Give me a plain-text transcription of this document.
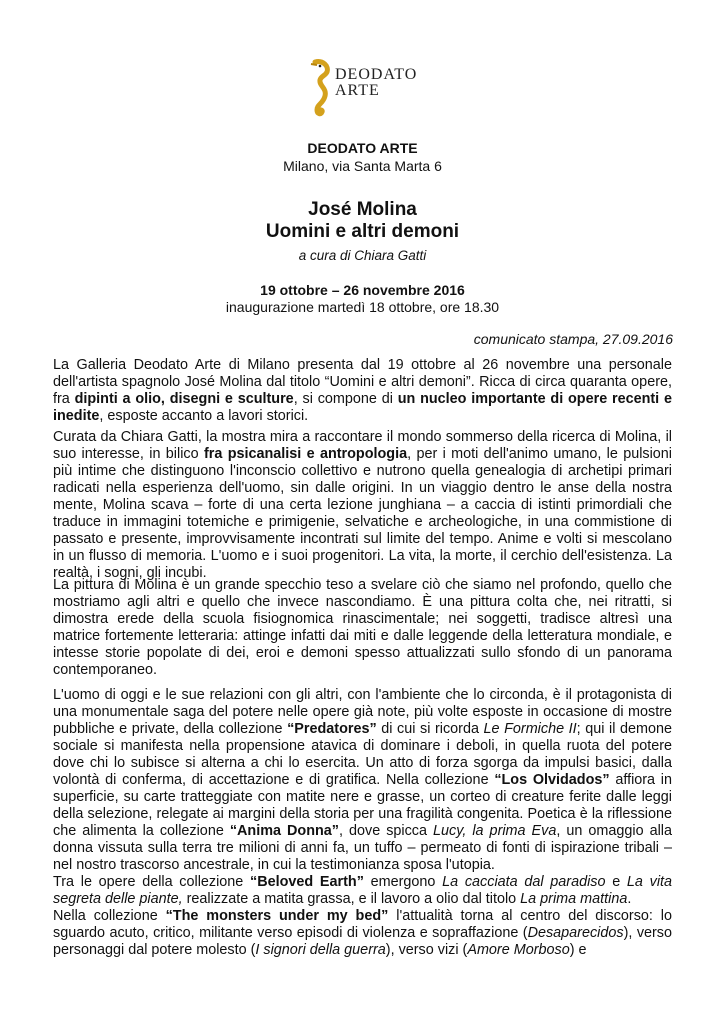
DEODATO
ARTE
DEODATO ARTE
Milano, via Santa Marta 6
José Molina
Uomini e altri demoni
a cura di Chiara Gatti
19 ottobre – 26 novembre 2016
inaugurazione martedì 18 ottobre, ore 18.30
comunicato stampa, 27.09.2016

La Galleria Deodato Arte di Milano presenta dal 19 ottobre al 26 novembre una personale dell'artista spagnolo José Molina dal titolo “Uomini e altri demoni”. Ricca di circa quaranta opere, fra dipinti a olio, disegni e sculture, si compone di un nucleo importante di opere recenti e inedite, esposte accanto a lavori storici.

Curata da Chiara Gatti, la mostra mira a raccontare il mondo sommerso della ricerca di Molina, il suo interesse, in bilico fra psicanalisi e antropologia, per i moti dell'animo umano, le pulsioni più intime che distinguono l'inconscio collettivo e nutrono quella genealogia di archetipi primari radicati nella esperienza dell'uomo, sin dalle origini. In un viaggio dentro le anse della nostra mente, Molina scava – forte di una certa lezione junghiana – a caccia di istinti primordiali che traduce in immagini totemiche e primigenie, selvatiche e archeologiche, in una commistione di passato e presente, improvvisamente incontrati sul limite del tempo. Anime e volti si mescolano in un flusso di memoria. L'uomo e i suoi progenitori. La vita, la morte, il cerchio dell'esistenza. La realtà, i sogni, gli incubi.

La pittura di Molina è un grande specchio teso a svelare ciò che siamo nel profondo, quello che mostriamo agli altri e quello che invece nascondiamo. È una pittura colta che, nei ritratti, si dimostra erede della scuola fisiognomica rinascimentale; nei soggetti, tradisce altresì una matrice fortemente letteraria: attinge infatti dai miti e dalle leggende della letteratura mondiale, e intesse storie popolate di dei, eroi e demoni spesso attualizzati sullo sfondo di un panorama contemporaneo.

L'uomo di oggi e le sue relazioni con gli altri, con l'ambiente che lo circonda, è il protagonista di una monumentale saga del potere nelle opere già note, più volte esposte in occasione di mostre pubbliche e private, della collezione “Predatores” di cui si ricorda Le Formiche II; qui il demone sociale si manifesta nella propensione atavica di dominare i deboli, in quella ruota del potere dove chi lo subisce si alterna a chi lo esercita. Un atto di forza sgorga da impulsi basici, dalla volontà di conferma, di accettazione e di gratifica. Nella collezione “Los Olvidados” affiora in superficie, su carte tratteggiate con matite nere e grasse, un corteo di creature ferite dalle leggi della selezione, relegate ai margini della storia per una fragilità congenita. Poetica è la riflessione che alimenta la collezione “Anima Donna”, dove spicca Lucy, la prima Eva, un omaggio alla donna vissuta sulla terra tre milioni di anni fa, un tuffo – permeato di fonti di ispirazione tribali – nel nostro trascorso ancestrale, in cui la testimonianza sposa l'utopia.

Tra le opere della collezione “Beloved Earth” emergono La cacciata dal paradiso e La vita segreta delle piante, realizzate a matita grassa, e il lavoro a olio dal titolo La prima mattina.

Nella collezione “The monsters under my bed” l'attualità torna al centro del discorso: lo sguardo acuto, critico, militante verso episodi di violenza e sopraffazione (Desaparecidos), verso personaggi dal potere molesto (I signori della guerra), verso vizi (Amore Morboso) e
